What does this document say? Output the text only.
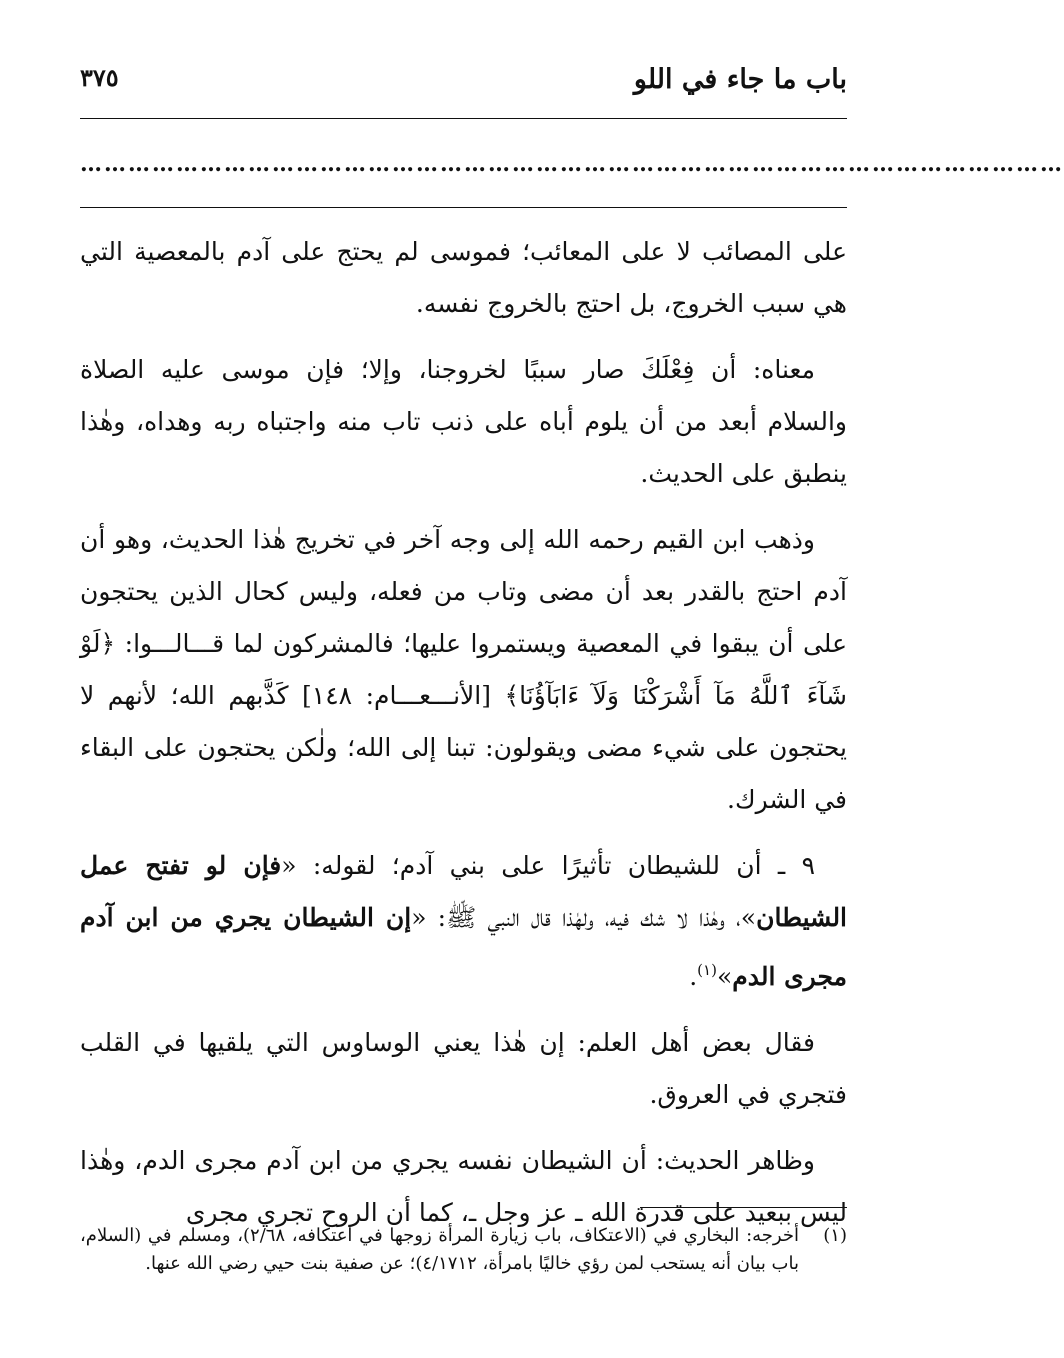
باب ما جاء في اللو
٣٧٥
……………………………………………………………………………………………………………

على المصائب لا على المعائب؛ فموسى لم يحتج على آدم بالمعصية التي هي سبب الخروج، بل احتج بالخروج نفسه.

معناه: أن فِعْلَكَ صار سببًا لخروجنا، وإلا؛ فإن موسى عليه الصلاة والسلام أبعد من أن يلوم أباه على ذنب تاب منه واجتباه ربه وهداه، وهٰذا ينطبق على الحديث.

وذهب ابن القيم رحمه الله إلى وجه آخر في تخريج هٰذا الحديث، وهو أن آدم احتج بالقدر بعد أن مضى وتاب من فعله، وليس كحال الذين يحتجون على أن يبقوا في المعصية ويستمروا عليها؛ فالمشركون لما قـــالـــوا: ﴿لَوْ شَآءَ ٱللَّهُ مَآ أَشْرَكْنَا وَلَآ ءَابَآؤُنَا﴾ [الأنـــعـــام: ١٤٨] كَذَّبهم الله؛ لأنهم لا يحتجون على شيء مضى ويقولون: تبنا إلى الله؛ ولٰكن يحتجون على البقاء في الشرك.

٩ ـ أن للشيطان تأثيرًا على بني آدم؛ لقوله: «فإن لو تفتح عمل الشيطان»، وهٰذا لا شك فيه، ولهٰذا قال النبي ﷺ: «إن الشيطان يجري من ابن آدم مجرى الدم»$^{(١)}$.

فقال بعض أهل العلم: إن هٰذا يعني الوساوس التي يلقيها في القلب فتجري في العروق.

وظاهر الحديث: أن الشيطان نفسه يجري من ابن آدم مجرى الدم، وهٰذا ليس ببعيد على قدرة الله ـ عز وجل ـ، كما أن الروح تجري مجرى

(١)
أخرجه: البخاري في (الاعتكاف، باب زيارة المرأة زوجها في اعتكافه، ٢/٦٨)، ومسلم في (السلام، باب بيان أنه يستحب لمن رؤي خاليًا بامرأة، ٤/١٧١٢)؛ عن صفية بنت حيي رضي الله عنها.
